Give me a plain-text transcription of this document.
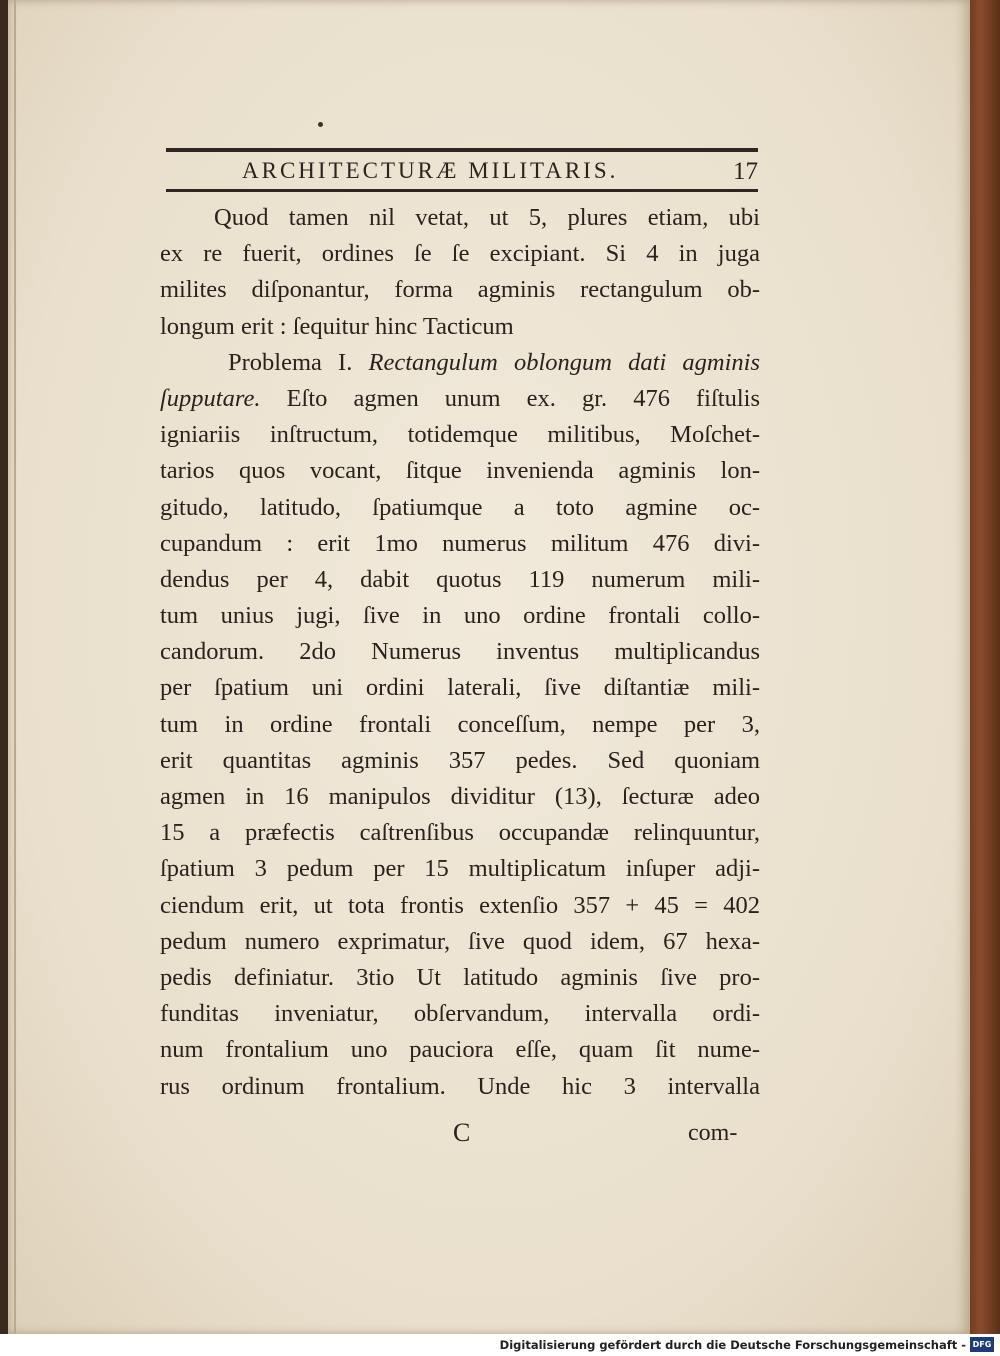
ARCHITECTURÆ MILITARIS.	17
Quod tamen nil vetat, ut 5, plures etiam, ubi
ex re fuerit, ordines ſe ſe excipiant. Si 4 in juga
milites diſponantur, forma agminis rectangulum ob-
longum erit : ſequitur hinc Tacticum
Problema I. Rectangulum oblongum dati agminis
ſupputare. Eſto agmen unum ex. gr. 476 fiſtulis
igniariis inſtructum, totidemque militibus, Moſchet-
tarios quos vocant, ſitque invenienda agminis lon-
gitudo, latitudo, ſpatiumque a toto agmine oc-
cupandum : erit 1mo numerus militum 476 divi-
dendus per 4, dabit quotus 119 numerum mili-
tum unius jugi, ſive in uno ordine frontali collo-
candorum. 2do Numerus inventus multiplicandus
per ſpatium uni ordini laterali, ſive diſtantiæ mili-
tum in ordine frontali conceſſum, nempe per 3,
erit quantitas agminis 357 pedes. Sed quoniam
agmen in 16 manipulos dividitur (13), ſecturæ adeo
15 a præfectis caſtrenſibus occupandæ relinquuntur,
ſpatium 3 pedum per 15 multiplicatum inſuper adji-
ciendum erit, ut tota frontis extenſio 357 + 45 = 402
pedum numero exprimatur, ſive quod idem, 67 hexa-
pedis definiatur. 3tio Ut latitudo agminis ſive pro-
funditas inveniatur, obſervandum, intervalla ordi-
num frontalium uno pauciora eſſe, quam ſit nume-
rus ordinum frontalium. Unde hic 3 intervalla
C	com-
Digitalisierung gefördert durch die Deutsche Forschungsgemeinschaft - DFG
